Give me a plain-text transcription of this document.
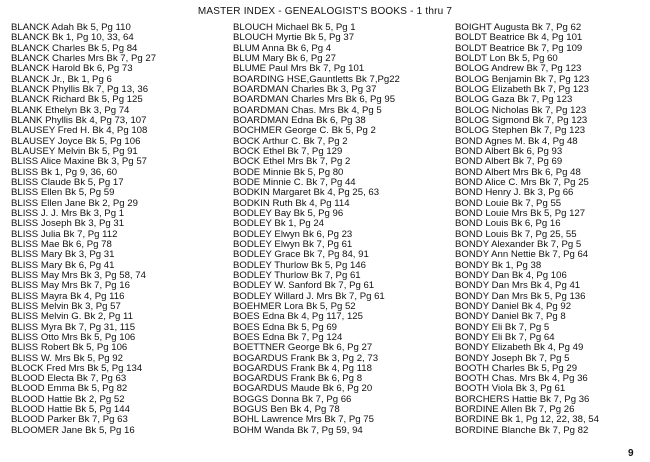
MASTER INDEX - GENEALOGIST'S BOOKS - 1 thru 7
BLANCK Adah Bk 5, Pg 110
BLANCK Bk 1, Pg 10, 33, 64
BLANCK Charles Bk 5, Pg 84
BLANCK Charles Mrs Bk 7, Pg 27
BLANCK Harold Bk 6, Pg 73
BLANCK Jr., Bk 1, Pg 6
BLANCK Phyllis Bk 7, Pg 13, 36
BLANCK Richard Bk 5, Pg 125
BLANK Ethelyn Bk 3, Pg 74
BLANK Phyllis Bk 4, Pg 73, 107
BLAUSEY Fred H. Bk 4, Pg 108
BLAUSEY Joyce Bk 5, Pg 106
BLAUSEY Melvin Bk 5, Pg 91
BLISS Alice Maxine Bk 3, Pg 57
BLISS Bk 1, Pg 9, 36, 60
BLISS Claude Bk 5, Pg 17
BLISS Ellen Bk 5, Pg 59
BLISS Ellen Jane Bk 2, Pg 29
BLISS J. J. Mrs Bk 3, Pg 1
BLISS Joseph Bk 3, Pg 31
BLISS Julia Bk 7, Pg 112
BLISS Mae Bk 6, Pg 78
BLISS Mary Bk 3, Pg 31
BLISS Mary Bk 6, Pg 41
BLISS May Mrs Bk 3, Pg 58, 74
BLISS May Mrs Bk 7, Pg 16
BLISS Mayra Bk 4, Pg 116
BLISS Melvin Bk 3, Pg 57
BLISS Melvin G. Bk 2, Pg 11
BLISS Myra Bk 7, Pg 31, 115
BLISS Otto Mrs Bk 5, Pg 106
BLISS Robert Bk 5, Pg 106
BLISS W. Mrs Bk 5, Pg 92
BLOCK Fred Mrs Bk 5, Pg 134
BLOOD Electa Bk 7, Pg 63
BLOOD Emma Bk 5, Pg 82
BLOOD Hattie Bk 2, Pg 52
BLOOD Hattie Bk 5, Pg 144
BLOOD Parker Bk 7, Pg 63
BLOOMER Jane Bk 5, Pg 16
BLOUCH Michael Bk 5, Pg 1
BLOUCH Myrtie Bk 5, Pg 37
BLUM Anna Bk 6, Pg 4
BLUM Mary Bk 6, Pg 27
BLUME Paul Mrs Bk 7, Pg 101
BOARDING HSE,Gauntletts Bk 7,Pg22
BOARDMAN Charles Bk 3, Pg 37
BOARDMAN Charles Mrs Bk 6, Pg 95
BOARDMAN Chas. Mrs Bk 4, Pg 5
BOARDMAN Edna Bk 6, Pg 38
BOCHMER George C. Bk 5, Pg 2
BOCK Arthur C. Bk 7, Pg 2
BOCK Ethel Bk 7, Pg 129
BOCK Ethel Mrs Bk 7, Pg 2
BODE Minnie Bk 5, Pg 80
BODE Minnie C. Bk 7, Pg 44
BODKIN Margaret Bk 4, Pg 25, 63
BODKIN Ruth Bk 4, Pg 114
BODLEY Bay Bk 5, Pg 96
BODLEY Bk 1, Pg 24
BODLEY Elwyn Bk 6, Pg 23
BODLEY Elwyn Bk 7, Pg 61
BODLEY Grace Bk 7, Pg 84, 91
BODLEY Thurlow Bk 5, Pg 146
BODLEY Thurlow Bk 7, Pg 61
BODLEY W. Sanford Bk 7, Pg 61
BODLEY Willard J. Mrs Bk 7, Pg 61
BOEHMER Lora Bk 5, Pg 52
BOES Edna Bk 4, Pg 117, 125
BOES Edna Bk 5, Pg 69
BOES Edna Bk 7, Pg 124
BOETTNER George Bk 6, Pg 27
BOGARDUS Frank Bk 3, Pg 2, 73
BOGARDUS Frank Bk 4, Pg 118
BOGARDUS Frank Bk 6, Pg 8
BOGARDUS Maude Bk 6, Pg 20
BOGGS Donna Bk 7, Pg 66
BOGUS Ben Bk 4, Pg 78
BOHL Lawrence Mrs Bk 7, Pg 75
BOHM Wanda Bk 7, Pg 59, 94
BOIGHT Augusta Bk 7, Pg 62
BOLDT Beatrice Bk 4, Pg 101
BOLDT Beatrice Bk 7, Pg 109
BOLDT Lon Bk 5, Pg 60
BOLOG Andrew Bk 7, Pg 123
BOLOG Benjamin Bk 7, Pg 123
BOLOG Elizabeth Bk 7, Pg 123
BOLOG Gaza Bk 7, Pg 123
BOLOG Nicholas Bk 7, Pg 123
BOLOG Sigmond Bk 7, Pg 123
BOLOG Stephen Bk 7, Pg 123
BOND Agnes M. Bk 4, Pg 48
BOND Albert Bk 6, Pg 93
BOND Albert Bk 7, Pg 69
BOND Albert Mrs Bk 6, Pg 48
BOND Alice C. Mrs Bk 7, Pg 25
BOND Henry J. Bk 3, Pg 66
BOND Louie Bk 7, Pg 55
BOND Louie Mrs Bk 5, Pg 127
BOND Louis Bk 6, Pg 16
BOND Louis Bk 7, Pg 25, 55
BONDY Alexander Bk 7, Pg 5
BONDY Ann Nettie Bk 7, Pg 64
BONDY Bk 1, Pg 38
BONDY Dan Bk 4, Pg 106
BONDY Dan Mrs Bk 4, Pg 41
BONDY Dan Mrs Bk 5, Pg 136
BONDY Daniel Bk 4, Pg 92
BONDY Daniel Bk 7, Pg 8
BONDY Eli Bk 7, Pg 5
BONDY Eli Bk 7, Pg 64
BONDY Elizabeth Bk 4, Pg 49
BONDY Joseph Bk 7, Pg 5
BOOTH Charles Bk 5, Pg 29
BOOTH Chas. Mrs Bk 4, Pg 36
BOOTH Viola Bk 3, Pg 61
BORCHERS Hattie Bk 7, Pg 36
BORDINE Allen Bk 7, Pg 26
BORDINE Bk 1, Pg 12, 22, 38, 54
BORDINE Blanche Bk 7, Pg 82
9
